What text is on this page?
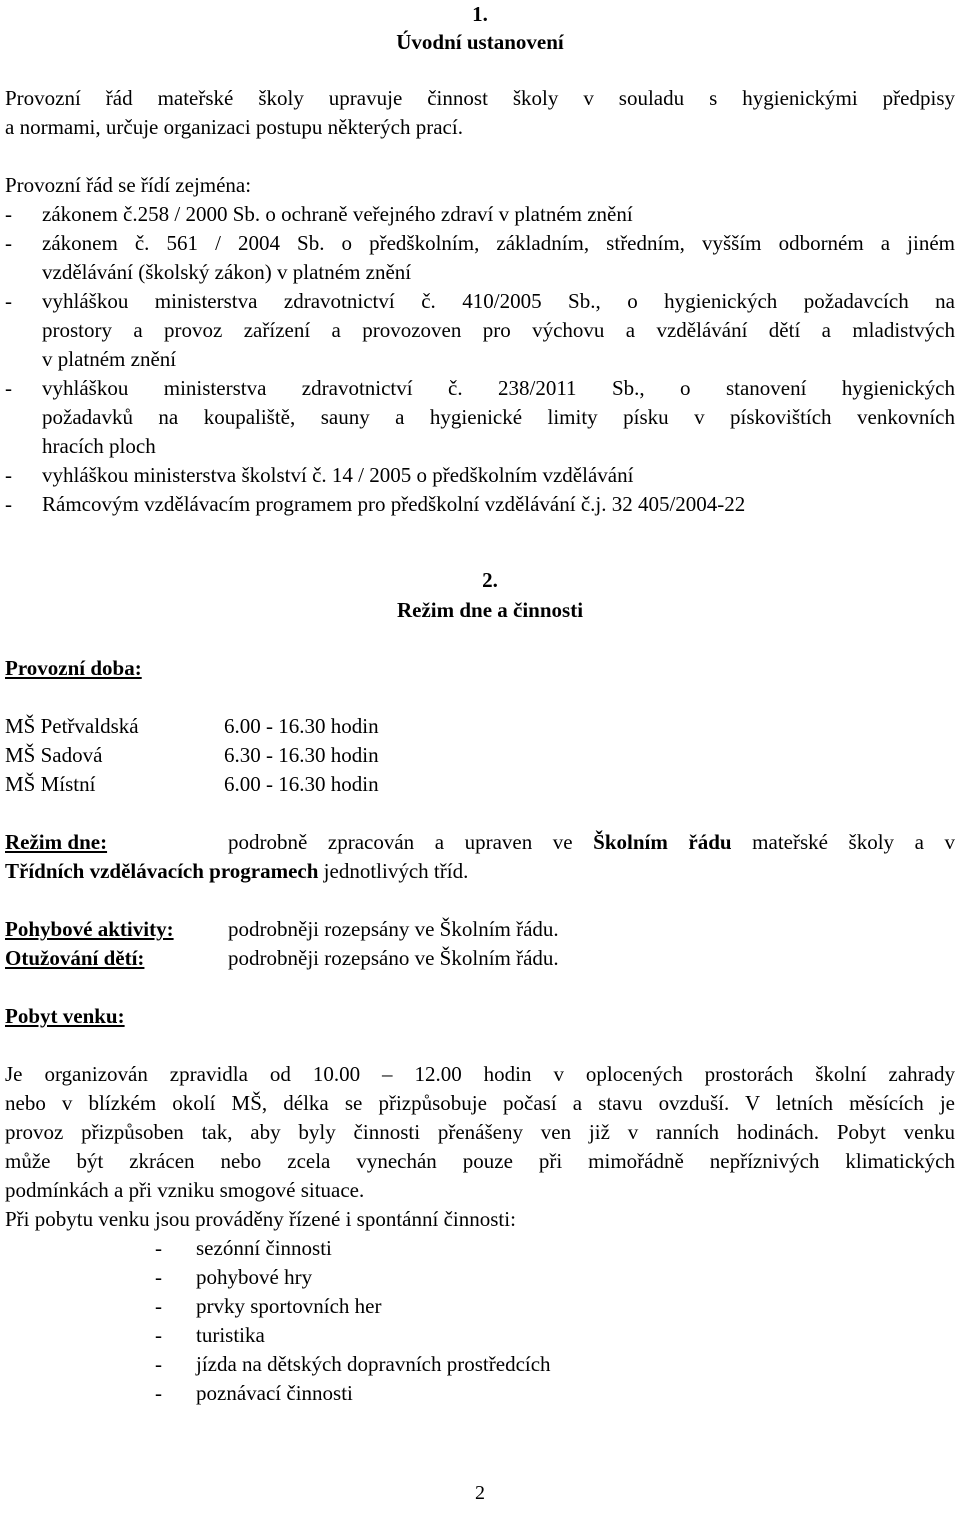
1.
Úvodní ustanovení
Provozní řád mateřské školy upravuje činnost školy v souladu s hygienickými předpisy
a normami, určuje organizaci postupu některých prací.
Provozní řád se řídí zejména:
- zákonem č.258 / 2000 Sb. o ochraně veřejného zdraví v platném znění
- zákonem č. 561 / 2004 Sb. o předškolním, základním, středním, vyšším odborném a jiném
vzdělávání (školský zákon) v platném znění
- vyhláškou ministerstva zdravotnictví č. 410/2005 Sb., o hygienických požadavcích na
prostory a provoz zařízení a provozoven pro výchovu a vzdělávání dětí a mladistvých
v platném znění
- vyhláškou ministerstva zdravotnictví č. 238/2011 Sb., o stanovení hygienických
požadavků na koupaliště, sauny a hygienické limity písku v pískovištích venkovních
hracích ploch
- vyhláškou ministerstva školství č. 14 / 2005 o předškolním vzdělávání
- Rámcovým vzdělávacím programem pro předškolní vzdělávání č.j. 32 405/2004-22
2.
Režim dne a činnosti
Provozní doba:
MŠ Petřvaldská	6.00 - 16.30 hodin
MŠ Sadová	6.30 - 16.30 hodin
MŠ Místní	6.00 - 16.30 hodin
Režim dne:	podrobně zpracován a upraven ve Školním řádu mateřské školy a v
Třídních vzdělávacích programech jednotlivých tříd.
Pohybové aktivity:	podrobněji rozepsány ve Školním řádu.
Otužování dětí:	podrobněji rozepsáno ve Školním řádu.
Pobyt venku:
Je organizován zpravidla od 10.00 – 12.00 hodin v oplocených prostorách školní zahrady
nebo v blízkém okolí MŠ, délka se přizpůsobuje počasí a stavu ovzduší. V letních měsících je
provoz přizpůsoben tak, aby byly činnosti přenášeny ven již v ranních hodinách. Pobyt venku
může být zkrácen nebo zcela vynechán pouze při mimořádně nepříznivých klimatických
podmínkách a při vzniku smogové situace.
Při pobytu venku jsou prováděny řízené i spontánní činnosti:
- sezónní činnosti
- pohybové hry
- prvky sportovních her
- turistika
- jízda na dětských dopravních prostředcích
- poznávací činnosti
2
